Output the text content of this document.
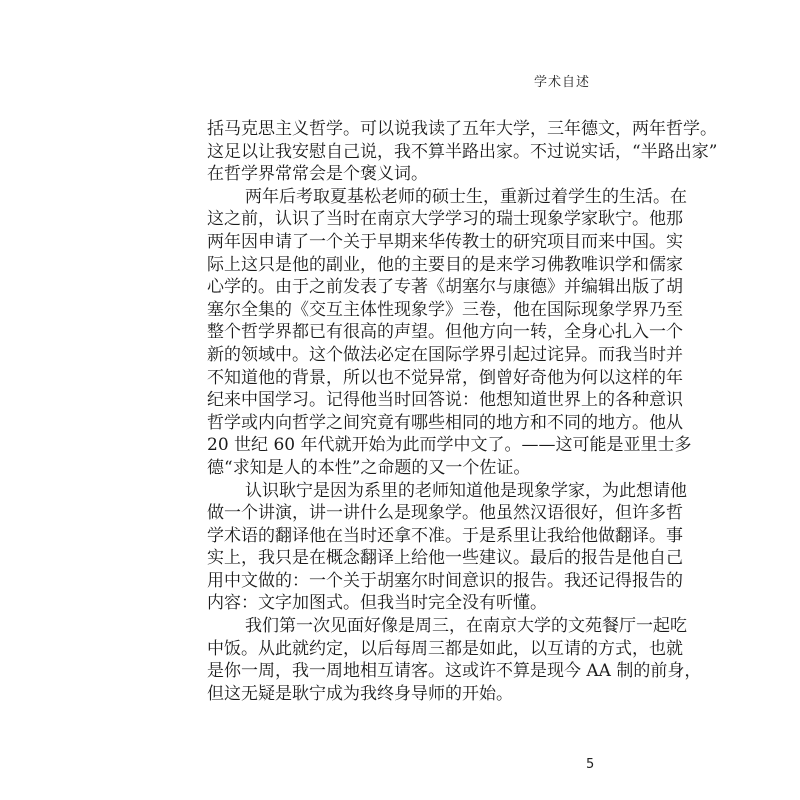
学术自述
括马克思主义哲学。可以说我读了五年大学，三年德文，两年哲学。
这足以让我安慰自己说，我不算半路出家。不过说实话，“半路出家”
在哲学界常常会是个褒义词。
两年后考取夏基松老师的硕士生，重新过着学生的生活。在
这之前，认识了当时在南京大学学习的瑞士现象学家耿宁。他那
两年因申请了一个关于早期来华传教士的研究项目而来中国。实
际上这只是他的副业，他的主要目的是来学习佛教唯识学和儒家
心学的。由于之前发表了专著《胡塞尔与康德》并编辑出版了胡
塞尔全集的《交互主体性现象学》三卷，他在国际现象学界乃至
整个哲学界都已有很高的声望。但他方向一转，全身心扎入一个
新的领域中。这个做法必定在国际学界引起过诧异。而我当时并
不知道他的背景，所以也不觉异常，倒曾好奇他为何以这样的年
纪来中国学习。记得他当时回答说：他想知道世界上的各种意识
哲学或内向哲学之间究竟有哪些相同的地方和不同的地方。他从
20 世纪 60 年代就开始为此而学中文了。——这可能是亚里士多
德“求知是人的本性”之命题的又一个佐证。
认识耿宁是因为系里的老师知道他是现象学家，为此想请他
做一个讲演，讲一讲什么是现象学。他虽然汉语很好，但许多哲
学术语的翻译他在当时还拿不准。于是系里让我给他做翻译。事
实上，我只是在概念翻译上给他一些建议。最后的报告是他自己
用中文做的：一个关于胡塞尔时间意识的报告。我还记得报告的
内容：文字加图式。但我当时完全没有听懂。
我们第一次见面好像是周三，在南京大学的文苑餐厅一起吃
中饭。从此就约定，以后每周三都是如此，以互请的方式，也就
是你一周，我一周地相互请客。这或许不算是现今 AA 制的前身，
但这无疑是耿宁成为我终身导师的开始。
5
